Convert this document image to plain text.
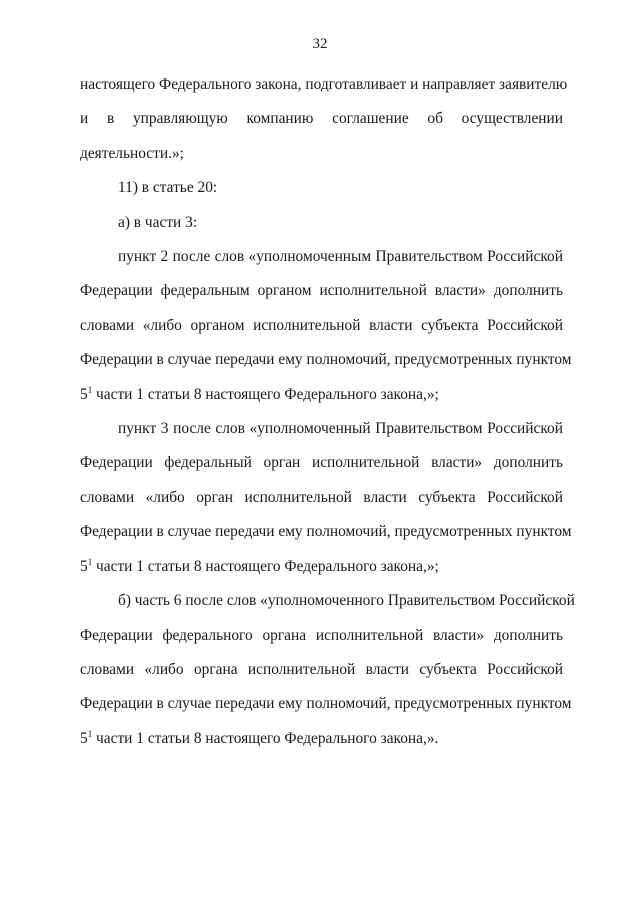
32

настоящего Федерального закона, подготавливает и направляет заявителю
и в управляющую компанию соглашение об осуществлении
деятельности.»;

11) в статье 20:

а) в части 3:

пункт 2 после слов «уполномоченным Правительством Российской
Федерации федеральным органом исполнительной власти» дополнить
словами «либо органом исполнительной власти субъекта Российской
Федерации в случае передачи ему полномочий, предусмотренных пунктом
$5^1$ части 1 статьи 8 настоящего Федерального закона,»;

пункт 3 после слов «уполномоченный Правительством Российской
Федерации федеральный орган исполнительной власти» дополнить
словами «либо орган исполнительной власти субъекта Российской
Федерации в случае передачи ему полномочий, предусмотренных пунктом
$5^1$ части 1 статьи 8 настоящего Федерального закона,»;

б) часть 6 после слов «уполномоченного Правительством Российской
Федерации федерального органа исполнительной власти» дополнить
словами «либо органа исполнительной власти субъекта Российской
Федерации в случае передачи ему полномочий, предусмотренных пунктом
$5^1$ части 1 статьи 8 настоящего Федерального закона,».
